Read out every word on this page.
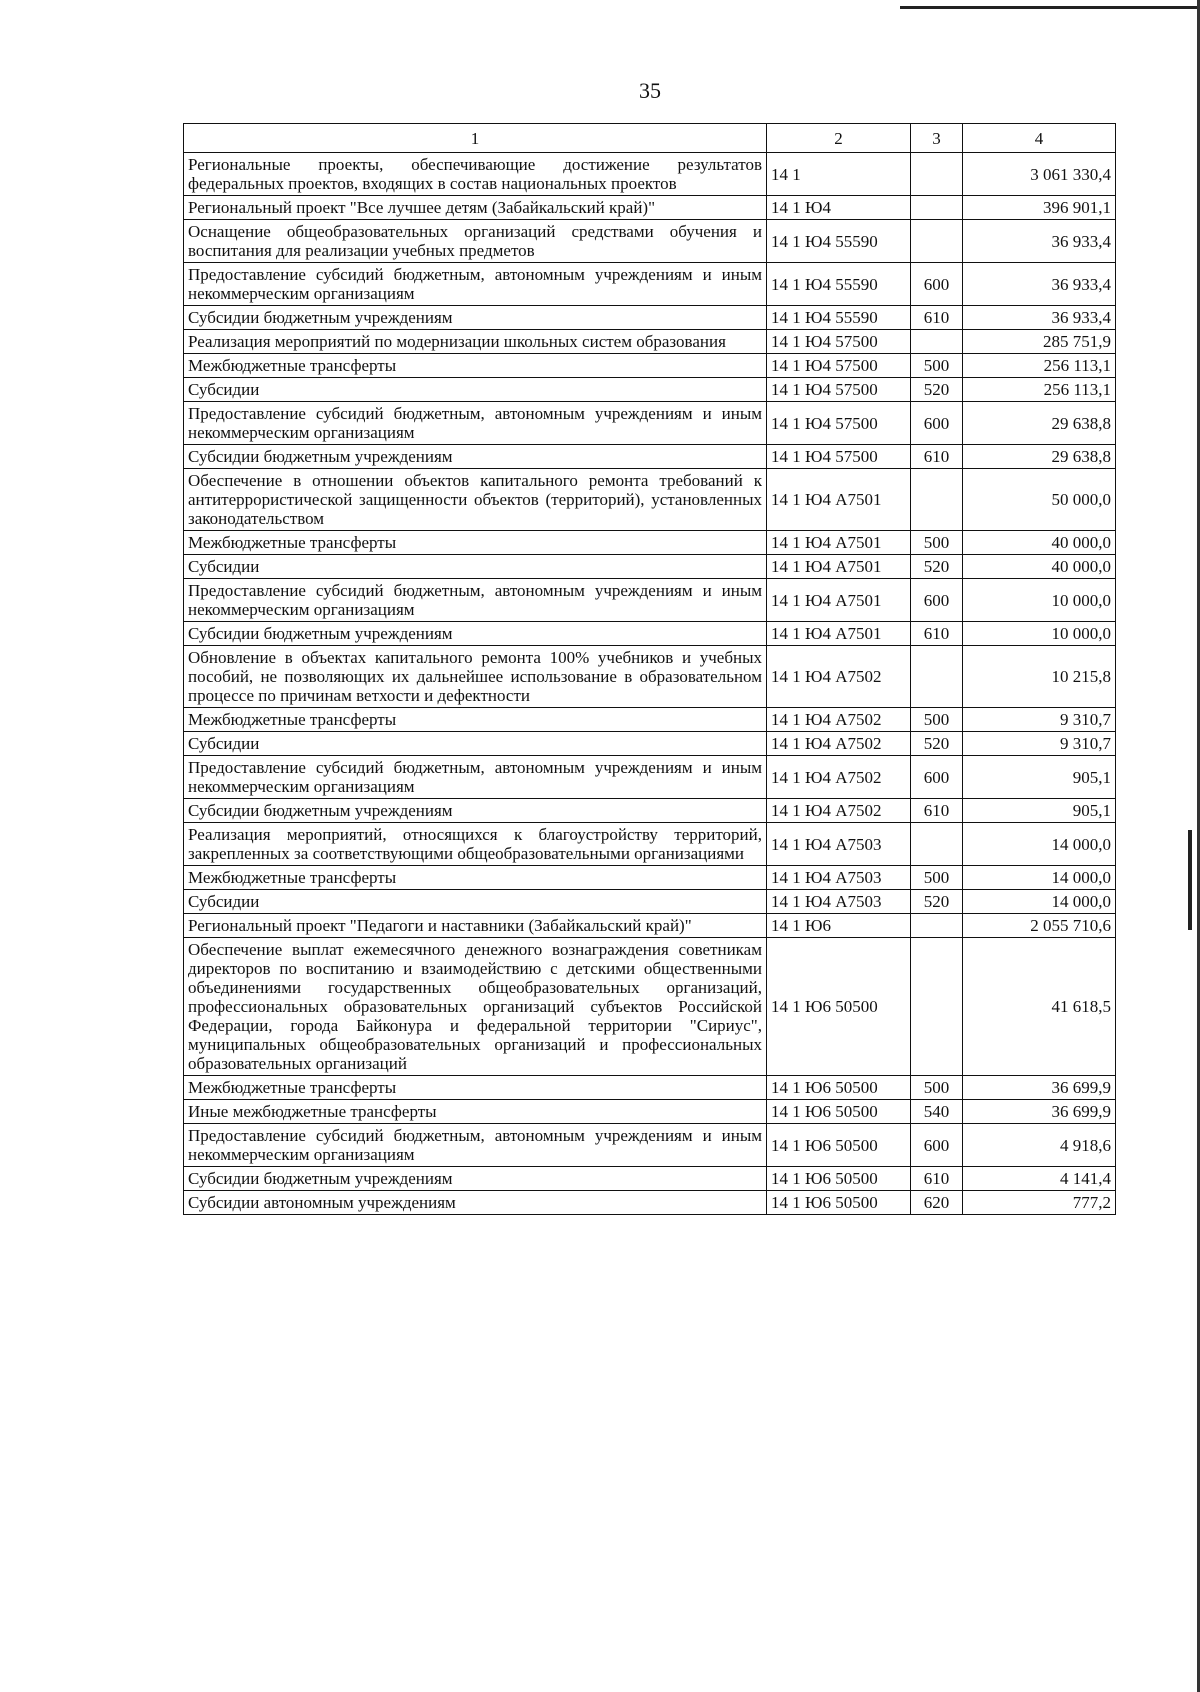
35
1	2	3	4
Региональные проекты, обеспечивающие достижение результатов федеральных проектов, входящих в состав национальных проектов	14 1		3 061 330,4
Региональный проект "Все лучшее детям (Забайкальский край)"	14 1 Ю4		396 901,1
Оснащение общеобразовательных организаций средствами обучения и воспитания для реализации учебных предметов	14 1 Ю4 55590		36 933,4
Предоставление субсидий бюджетным, автономным учреждениям и иным некоммерческим организациям	14 1 Ю4 55590	600	36 933,4
Субсидии бюджетным учреждениям	14 1 Ю4 55590	610	36 933,4
Реализация мероприятий по модернизации школьных систем образования	14 1 Ю4 57500		285 751,9
Межбюджетные трансферты	14 1 Ю4 57500	500	256 113,1
Субсидии	14 1 Ю4 57500	520	256 113,1
Предоставление субсидий бюджетным, автономным учреждениям и иным некоммерческим организациям	14 1 Ю4 57500	600	29 638,8
Субсидии бюджетным учреждениям	14 1 Ю4 57500	610	29 638,8
Обеспечение в отношении объектов капитального ремонта требований к антитеррористической защищенности объектов (территорий), установленных законодательством	14 1 Ю4 А7501		50 000,0
Межбюджетные трансферты	14 1 Ю4 А7501	500	40 000,0
Субсидии	14 1 Ю4 А7501	520	40 000,0
Предоставление субсидий бюджетным, автономным учреждениям и иным некоммерческим организациям	14 1 Ю4 А7501	600	10 000,0
Субсидии бюджетным учреждениям	14 1 Ю4 А7501	610	10 000,0
Обновление в объектах капитального ремонта 100% учебников и учебных пособий, не позволяющих их дальнейшее использование в образовательном процессе по причинам ветхости и дефектности	14 1 Ю4 А7502		10 215,8
Межбюджетные трансферты	14 1 Ю4 А7502	500	9 310,7
Субсидии	14 1 Ю4 А7502	520	9 310,7
Предоставление субсидий бюджетным, автономным учреждениям и иным некоммерческим организациям	14 1 Ю4 А7502	600	905,1
Субсидии бюджетным учреждениям	14 1 Ю4 А7502	610	905,1
Реализация мероприятий, относящихся к благоустройству территорий, закрепленных за соответствующими общеобразовательными организациями	14 1 Ю4 А7503		14 000,0
Межбюджетные трансферты	14 1 Ю4 А7503	500	14 000,0
Субсидии	14 1 Ю4 А7503	520	14 000,0
Региональный проект "Педагоги и наставники (Забайкальский край)"	14 1 Ю6		2 055 710,6
Обеспечение выплат ежемесячного денежного вознаграждения советникам директоров по воспитанию и взаимодействию с детскими общественными объединениями государственных общеобразовательных организаций, профессиональных образовательных организаций субъектов Российской Федерации, города Байконура и федеральной территории "Сириус", муниципальных общеобразовательных организаций и профессиональных образовательных организаций	14 1 Ю6 50500		41 618,5
Межбюджетные трансферты	14 1 Ю6 50500	500	36 699,9
Иные межбюджетные трансферты	14 1 Ю6 50500	540	36 699,9
Предоставление субсидий бюджетным, автономным учреждениям и иным некоммерческим организациям	14 1 Ю6 50500	600	4 918,6
Субсидии бюджетным учреждениям	14 1 Ю6 50500	610	4 141,4
Субсидии автономным учреждениям	14 1 Ю6 50500	620	777,2
